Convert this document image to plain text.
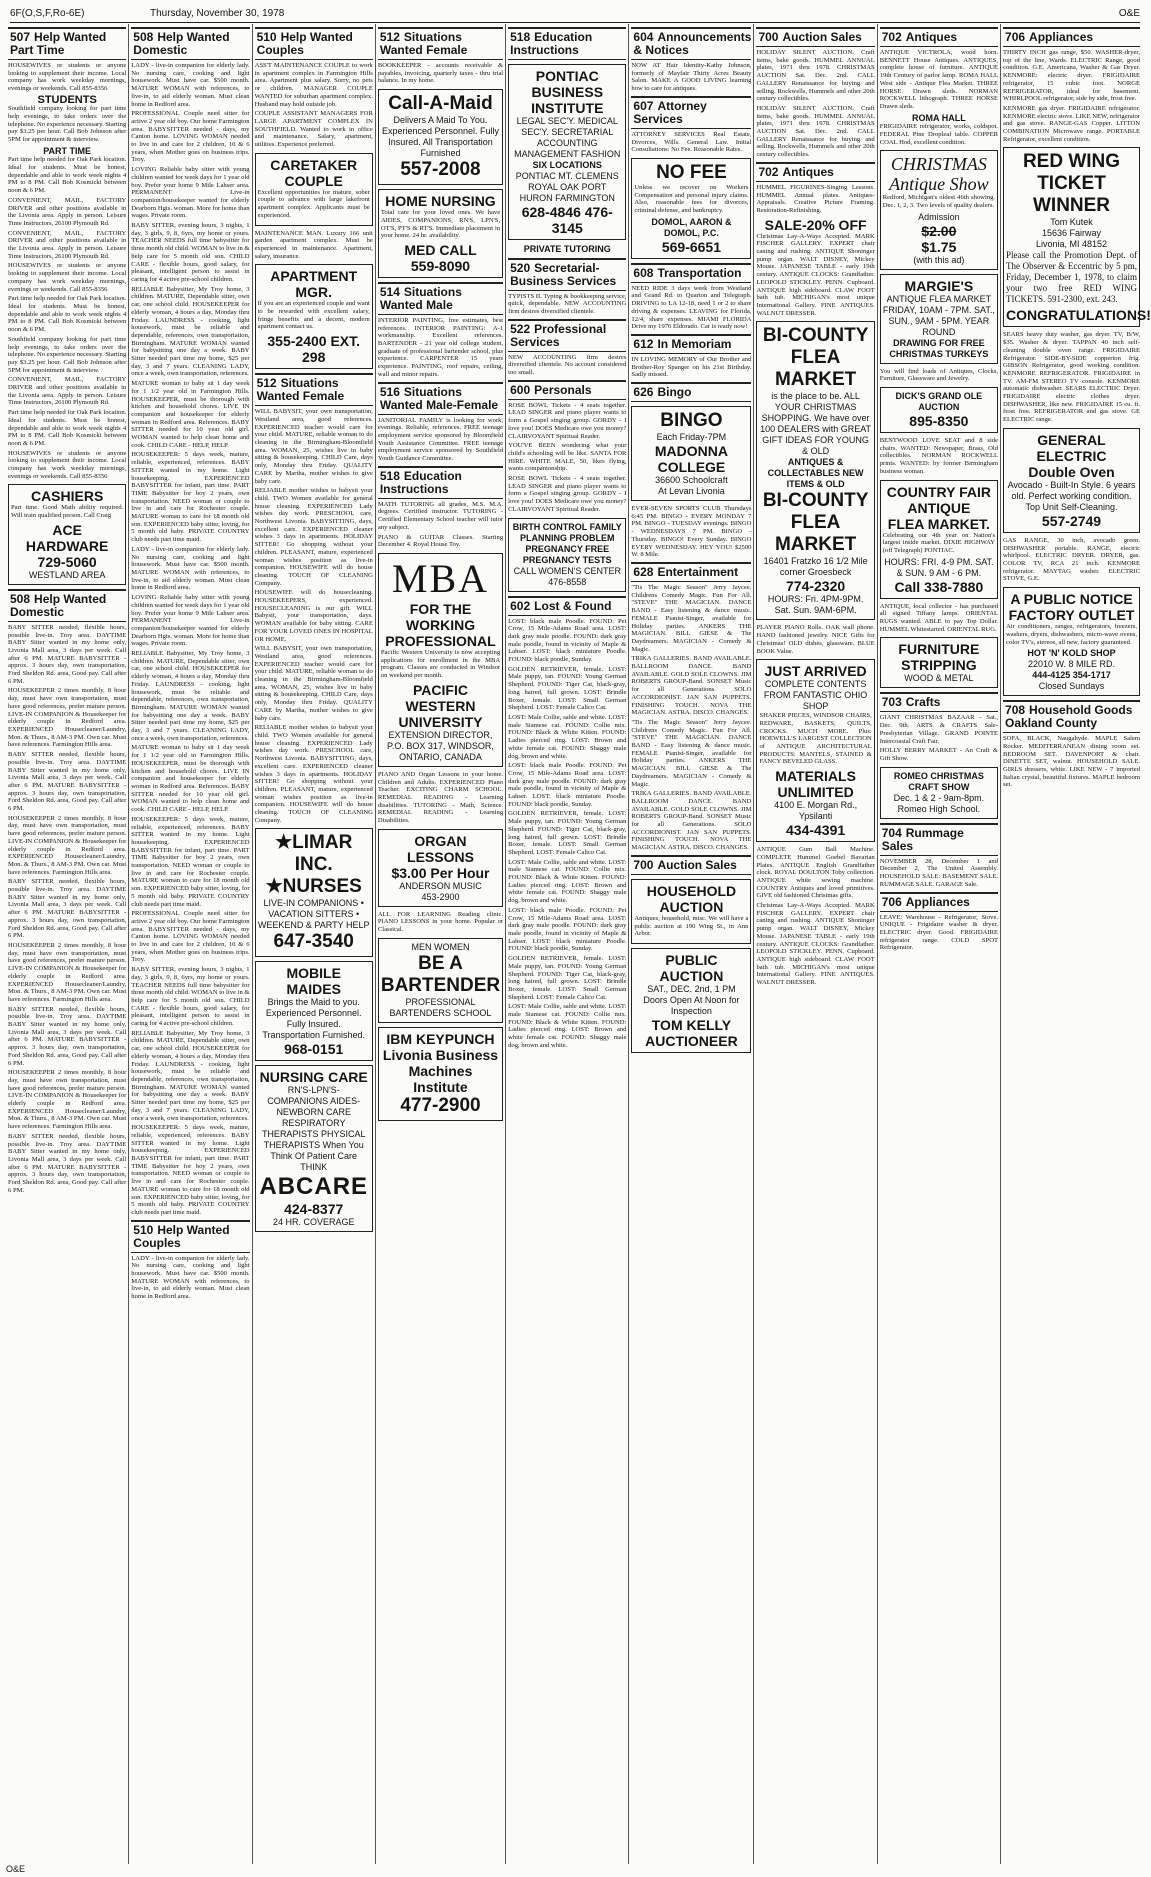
6F(O,S,F,Ro-6E)	Thursday, November 30, 1978	O&E
507 Help Wanted Part Time

HOUSEWIVES or students or anyone looking to supplement their income. Local company has work weekday mornings, evenings or weekends. Call 855-8356

STUDENTS

Southfield company looking for part time help evenings, to take orders over the telephone. No experience necessary. Starting pay $3.25 per hour. Call Bob Johnson after 5PM for appointment & interview.

PART TIME

Part time help needed for Oak Park location. Ideal for students. Must be honest, dependable and able to work week nights 4 PM to 8 PM. Call Bob Kosmicki between noon & 6 PM.

CONVENIENT, MAIL, FACTORY DRIVER and other positions available in the Livonia area. Apply in person. Leisure Time Instructors, 26100 Plymouth Rd.

CONVENIENT, MAIL, FACTORY DRIVER and other positions available in the Livonia area. Apply in person. Leisure Time Instructors, 26100 Plymouth Rd.

HOUSEWIVES or students or anyone looking to supplement their income. Local company has work weekday mornings, evenings or weekends. Call 855-8356

Part time help needed for Oak Park location. Ideal for students. Must be honest, dependable and able to work week nights 4 PM to 8 PM. Call Bob Kosmicki between noon & 6 PM.

Southfield company looking for part time help evenings, to take orders over the telephone. No experience necessary. Starting pay $3.25 per hour. Call Bob Johnson after 5PM for appointment & interview.

CONVENIENT, MAIL, FACTORY DRIVER and other positions available in the Livonia area. Apply in person. Leisure Time Instructors, 26100 Plymouth Rd.

Part time help needed for Oak Park location. Ideal for students. Must be honest, dependable and able to work week nights 4 PM to 8 PM. Call Bob Kosmicki between noon & 6 PM.

HOUSEWIVES or students or anyone looking to supplement their income. Local company has work weekday mornings, evenings or weekends. Call 855-8356

CASHIERS

Part time. Good Math ability required. Will train qualified person. Call Craig

ACE HARDWARE
729-5060
WESTLAND AREA
508 Help Wanted Domestic

BABY SITTER needed, flexible hours, possible live-in. Troy area. DAYTIME BABY Sitter wanted in my home only, Livonia Mall area, 3 days per week. Call after 6 PM. MATURE BABYSITTER - approx. 3 hours day, own transportation, Ford Sheldon Rd. area, Good pay. Call after 6 PM.

HOUSEKEEPER 2 times monthly, 8 hour day, must have own transportation, must have good references, prefer mature person. LIVE-IN COMPANION & Housekeeper for elderly couple in Redford area. EXPERIENCED Housecleaner/Laundry, Mon. & Thurs., 8 AM-3 PM. Own car. Must have references. Farmington Hills area.

BABY SITTER needed, flexible hours, possible live-in. Troy area. DAYTIME BABY Sitter wanted in my home only, Livonia Mall area, 3 days per week. Call after 6 PM. MATURE BABYSITTER - approx. 3 hours day, own transportation, Ford Sheldon Rd. area, Good pay. Call after 6 PM.

HOUSEKEEPER 2 times monthly, 8 hour day, must have own transportation, must have good references, prefer mature person. LIVE-IN COMPANION & Housekeeper for elderly couple in Redford area. EXPERIENCED Housecleaner/Laundry, Mon. & Thurs., 8 AM-3 PM. Own car. Must have references. Farmington Hills area.

BABY SITTER needed, flexible hours, possible live-in. Troy area. DAYTIME BABY Sitter wanted in my home only, Livonia Mall area, 3 days per week. Call after 6 PM. MATURE BABYSITTER - approx. 3 hours day, own transportation, Ford Sheldon Rd. area, Good pay. Call after 6 PM.

HOUSEKEEPER 2 times monthly, 8 hour day, must have own transportation, must have good references, prefer mature person. LIVE-IN COMPANION & Housekeeper for elderly couple in Redford area. EXPERIENCED Housecleaner/Laundry, Mon. & Thurs., 8 AM-3 PM. Own car. Must have references. Farmington Hills area.

BABY SITTER needed, flexible hours, possible live-in. Troy area. DAYTIME BABY Sitter wanted in my home only, Livonia Mall area, 3 days per week. Call after 6 PM. MATURE BABYSITTER - approx. 3 hours day, own transportation, Ford Sheldon Rd. area, Good pay. Call after 6 PM.

HOUSEKEEPER 2 times monthly, 8 hour day, must have own transportation, must have good references, prefer mature person. LIVE-IN COMPANION & Housekeeper for elderly couple in Redford area. EXPERIENCED Housecleaner/Laundry, Mon. & Thurs., 8 AM-3 PM. Own car. Must have references. Farmington Hills area.

BABY SITTER needed, flexible hours, possible live-in. Troy area. DAYTIME BABY Sitter wanted in my home only, Livonia Mall area, 3 days per week. Call after 6 PM. MATURE BABYSITTER - approx. 3 hours day, own transportation, Ford Sheldon Rd. area, Good pay. Call after 6 PM.

508 Help Wanted Domestic

LADY - live-in companion for elderly lady. No nursing care, cooking and light housework. Must have car. $500 month. MATURE WOMAN with references, to live-in, to aid elderly woman. Must clean home in Redford area.

PROFESSIONAL Couple need sitter for active 2 year old boy. Our home Farmington area. BABYSITTER needed - days, my Canton home. LOVING WOMAN needed to live in and care for 2 children, 10 & 6 years, when Mother goes on business trips. Troy.

LOVING Reliable baby sitter with young children wanted for week days for 1 year old boy. Prefer your home 9 Mile Lahser area. PERMANENT Live-in companion/housekeeper wanted for elderly Dearborn Hgts. woman. More for home than wages. Private room.

BABY SITTER, evening hours, 3 nights, 1 day, 3 girls, 9, 8, 6yrs, my home or yours. TEACHER NEEDS full time babysitter for three month old child. WOMAN to live in & help care for 5 month old son. CHILD CARE - flexible hours, good salary, for pleasant, intelligent person to assist in caring for 4 active pre-school children.

RELIABLE Babysitter, My Troy home, 3 children. MATURE, Dependable sitter, own car, one school child. HOUSEKEEPER for elderly woman, 4 hours a day, Monday thru Friday. LAUNDRESS - cooking, light housework, must be reliable and dependable, references, own transportation, Birmingham. MATURE WOMAN wanted for babysitting one day a week. BABY Sitter needed part time my home, $25 per day, 3 and 7 years. CLEANING LADY, once a week, own transportation, references.

MATURE woman to baby sit 1 day week for 1 1/2 year old in Farmington Hills. HOUSEKEEPER, must be thorough with kitchen and household chores. LIVE IN companion and housekeeper for elderly woman in Redford area. References. BABY SITTER needed for 10 year old girl. WOMAN wanted to help clean home and cook. CHILD CARE - HELP, HELP.

HOUSEKEEPER: 5 days week, mature, reliable, experienced, references. BABY SITTER wanted in my home. Light housekeeping. EXPERIENCED BABYSITTER for infant, part time. PART TIME Babysitter for boy 2 years, own transportation. NEED woman or couple to live in and care for Rochester couple. MATURE woman to care for 18 month old son. EXPERIENCED baby sitter, loving, for 5 month old baby. PRIVATE COUNTRY club needs part time maid.

LADY - live-in companion for elderly lady. No nursing care, cooking and light housework. Must have car. $500 month. MATURE WOMAN with references, to live-in, to aid elderly woman. Must clean home in Redford area.

LOVING Reliable baby sitter with young children wanted for week days for 1 year old boy. Prefer your home 9 Mile Lahser area. PERMANENT Live-in companion/housekeeper wanted for elderly Dearborn Hgts. woman. More for home than wages. Private room.

RELIABLE Babysitter, My Troy home, 3 children. MATURE, Dependable sitter, own car, one school child. HOUSEKEEPER for elderly woman, 4 hours a day, Monday thru Friday. LAUNDRESS - cooking, light housework, must be reliable and dependable, references, own transportation, Birmingham. MATURE WOMAN wanted for babysitting one day a week. BABY Sitter needed part time my home, $25 per day, 3 and 7 years. CLEANING LADY, once a week, own transportation, references.

MATURE woman to baby sit 1 day week for 1 1/2 year old in Farmington Hills. HOUSEKEEPER, must be thorough with kitchen and household chores. LIVE IN companion and housekeeper for elderly woman in Redford area. References. BABY SITTER needed for 10 year old girl. WOMAN wanted to help clean home and cook. CHILD CARE - HELP, HELP.

HOUSEKEEPER: 5 days week, mature, reliable, experienced, references. BABY SITTER wanted in my home. Light housekeeping. EXPERIENCED BABYSITTER for infant, part time. PART TIME Babysitter for boy 2 years, own transportation. NEED woman or couple to live in and care for Rochester couple. MATURE woman to care for 18 month old son. EXPERIENCED baby sitter, loving, for 5 month old baby. PRIVATE COUNTRY club needs part time maid.

PROFESSIONAL Couple need sitter for active 2 year old boy. Our home Farmington area. BABYSITTER needed - days, my Canton home. LOVING WOMAN needed to live in and care for 2 children, 10 & 6 years, when Mother goes on business trips. Troy.

BABY SITTER, evening hours, 3 nights, 1 day, 3 girls, 9, 8, 6yrs, my home or yours. TEACHER NEEDS full time babysitter for three month old child. WOMAN to live in & help care for 5 month old son. CHILD CARE - flexible hours, good salary, for pleasant, intelligent person to assist in caring for 4 active pre-school children.

RELIABLE Babysitter, My Troy home, 3 children. MATURE, Dependable sitter, own car, one school child. HOUSEKEEPER for elderly woman, 4 hours a day, Monday thru Friday. LAUNDRESS - cooking, light housework, must be reliable and dependable, references, own transportation, Birmingham. MATURE WOMAN wanted for babysitting one day a week. BABY Sitter needed part time my home, $25 per day, 3 and 7 years. CLEANING LADY, once a week, own transportation, references.

HOUSEKEEPER: 5 days week, mature, reliable, experienced, references. BABY SITTER wanted in my home. Light housekeeping. EXPERIENCED BABYSITTER for infant, part time. PART TIME Babysitter for boy 2 years, own transportation. NEED woman or couple to live in and care for Rochester couple. MATURE woman to care for 18 month old son. EXPERIENCED baby sitter, loving, for 5 month old baby. PRIVATE COUNTRY club needs part time maid.

510 Help Wanted Couples

LADY - live-in companion for elderly lady. No nursing care, cooking and light housework. Must have car. $500 month. MATURE WOMAN with references, to live-in, to aid elderly woman. Must clean home in Redford area.

510 Help Wanted Couples

ASS'T MAINTENANCE COUPLE to work in apartment complex in Farmington Hills area. Apartment plus salary. Sorry, no pets or children. MANAGER COUPLE WANTED for suburban apartment complex. Husband may hold outside job.

COUPLE ASSISTANT MANAGERS FOR LARGE APARTMENT COMPLEX IN SOUTHFIELD. Wanted to work in office and maintenance. Salary, apartment, utilities. Experience preferred.

CARETAKER COUPLE

Excellent opportunities for mature, sober couple to advance with large lakefront apartment complex. Applicants must be experienced.

MAINTENANCE MAN. Luxury 166 unit garden apartment complex. Must be experienced in maintenance. Apartment, salary, insurance.

APARTMENT MGR.

If you are an experienced couple and want to be rewarded with excellent salary, fringe benefits and a decent, modern apartment contact us.

355-2400 EXT. 298
512 Situations Wanted Female

WILL BABYSIT, your own transportation, Westland area, good references. EXPERIENCED teacher would care for your child. MATURE, reliable woman to do cleaning in the Birmingham-Bloomfield area. WOMAN, 25, wishes live in baby sitting & housekeeping. CHILD Care, days only, Monday thru Friday. QUALITY CARE by Martha, mother wishes to give baby care.

RELIABLE mother wishes to babysit your child. TWO Women available for general house cleaning. EXPERIENCED Lady wishes day work. PRESCHOOL care, Northwest Livonia. BABYSITTING, days, excellent care. EXPERIENCED cleaner wishes 3 days in apartments. HOLIDAY SITTER! Go shopping without your children. PLEASANT, mature, experienced woman wishes position as live-in companion. HOUSEWIFE will do house cleaning. TOUCH OF CLEANING Company.

HOUSEWIFE will do housecleaning. HOUSEKEEPERS, experienced. HOUSECLEANING is our gift. WILL Babysit, your transportation, days. WOMAN available for baby sitting. CARE FOR YOUR LOVED ONES IN HOSPITAL OR HOME.

WILL BABYSIT, your own transportation, Westland area, good references. EXPERIENCED teacher would care for your child. MATURE, reliable woman to do cleaning in the Birmingham-Bloomfield area. WOMAN, 25, wishes live in baby sitting & housekeeping. CHILD Care, days only, Monday thru Friday. QUALITY CARE by Martha, mother wishes to give baby care.

RELIABLE mother wishes to babysit your child. TWO Women available for general house cleaning. EXPERIENCED Lady wishes day work. PRESCHOOL care, Northwest Livonia. BABYSITTING, days, excellent care. EXPERIENCED cleaner wishes 3 days in apartments. HOLIDAY SITTER! Go shopping without your children. PLEASANT, mature, experienced woman wishes position as live-in companion. HOUSEWIFE will do house cleaning. TOUCH OF CLEANING Company.

★LIMAR INC.
★NURSES
LIVE-IN COMPANIONS • VACATION SITTERS • WEEKEND & PARTY HELP
647-3540
MOBILE MAIDES
Brings the Maid to you. Experienced Personnel. Fully Insured. Transportation Furnished.
968-0151
NURSING CARE
RN'S-LPN'S-COMPANIONS AIDES-NEWBORN CARE RESPIRATORY THERAPISTS PHYSICAL THERAPISTS When You Think Of Patient Care THINK
ABCARE
424-8377
24 HR. COVERAGE
512 Situations Wanted Female

BOOKKEEPER - accounts receivable & payables, invoicing, quarterly taxes - thru trial balance. In my home.

Call-A-Maid
Delivers A Maid To You. Experienced Personnel. Fully Insured. All Transportation Furnished
557-2008
HOME NURSING

Total care for your loved ones. We have AIDES, COMPANIONS, RN'S, LPN'S, OT'S, PT'S & RT'S. Immediate placement in your home. 24 hr. availability.

MED CALL
559-8090
514 Situations Wanted Male

INTERIOR PAINTING, free estimates, best references. INTERIOR PAINTING: A-1 workmanship. Excellent references. BARTENDER - 21 year old college student, graduate of professional bartender school, plus experience. CARPENTER 15 years experience. PAINTING, roof repairs, ceiling, wall and minor repairs.

516 Situations Wanted Male-Female

JANITORIAL FAMILY is looking for work, evenings. Reliable, references. FREE teenage employment service sponsored by Bloomfield Youth Assistance Committee. FREE teenage employment service sponsored by Southfield Youth Guidance Committee.

518 Education Instructions

MATH TUTORING all grades, M.S. M.A. degrees. Certified instructor. TUTORING - Certified Elementary School teacher will tutor any subject.

PIANO & GUITAR Classes. Starting December 4. Royal House Toy.

MBA
FOR THE WORKING PROFESSIONAL

Pacific Western University is now accepting applications for enrollment in the MBA program. Classes are conducted in Windsor on weekend per month.

PACIFIC WESTERN UNIVERSITY
EXTENSION DIRECTOR, P.O. BOX 317, WINDSOR, ONTARIO, CANADA

PIANO AND Organ Lessons in your home. Children and Adults. EXPERIENCED Piano Teacher. EXCITING CHARM SCHOOL. REMEDIAL READING - Learning disabilities. TUTORING - Math, Science. REMEDIAL READING - Learning Disabilities.

ORGAN LESSONS
$3.00 Per Hour
ANDERSON MUSIC
453-2900

ALL FOR LEARNING Reading clinic. PIANO LESSONS in your home. Popular or Classical.

MEN WOMEN
BE A BARTENDER
PROFESSIONAL BARTENDERS SCHOOL
IBM KEYPUNCH
Livonia Business Machines Institute
477-2900
518 Education Instructions
PONTIAC BUSINESS INSTITUTE
LEGAL SEC'Y. MEDICAL SEC'Y. SECRETARIAL ACCOUNTING MANAGEMENT FASHION
SIX LOCATIONS
PONTIAC MT. CLEMENS ROYAL OAK PORT HURON FARMINGTON
628-4846 476-3145
PRIVATE TUTORING
520 Secretarial-Business Services

TYPISTS II. Typing & bookkeeping service, quick, dependable. NEW ACCOUNTING firm desires diversified clientele.

522 Professional Services

NEW ACCOUNTING firm desires diversified clientele. No account considered too small.

600 Personals

ROSE BOWL Tickets - 4 seats together. LEAD SINGER and piano player wants to form a Gospel singing group. GORDY - I love you! DOES Medicare owe you money? CLAIRVOYANT Spiritual Reader.

YOU'VE BEEN wondering what your child's schooling will be like. SANTA FOR HIRE. WHITE MALE, 50, likes flying, wants companionship.

ROSE BOWL Tickets - 4 seats together. LEAD SINGER and piano player wants to form a Gospel singing group. GORDY - I love you! DOES Medicare owe you money? CLAIRVOYANT Spiritual Reader.

BIRTH CONTROL FAMILY PLANNING PROBLEM PREGNANCY FREE PREGNANCY TESTS
CALL WOMEN'S CENTER 476-8558
602 Lost & Found

LOST: black male Poodle. FOUND: Pet Crow, 15 Mile-Adams Road area. LOST: dark gray male poodle. FOUND: dark gray male poodle, found in vicinity of Maple & Lahser. LOST: black miniature Poodle. FOUND: black poodle, Sunday.

GOLDEN RETRIEVER, female. LOST: Male puppy, tan. FOUND: Young German Shepherd. FOUND: Tiger Cat, black-gray, long haired, full grown. LOST: Brindle Boxer, female. LOST: Small German Shepherd. LOST: Female Calico Cat.

LOST: Male Collie, sable and white. LOST: male Siamese cat. FOUND: Collie mix. FOUND: Black & White Kitten. FOUND: Ladies pierced ring. LOST: Brown and white female cat. FOUND: Shaggy male dog, brown and white.

LOST: black male Poodle. FOUND: Pet Crow, 15 Mile-Adams Road area. LOST: dark gray male poodle. FOUND: dark gray male poodle, found in vicinity of Maple & Lahser. LOST: black miniature Poodle. FOUND: black poodle, Sunday.

GOLDEN RETRIEVER, female. LOST: Male puppy, tan. FOUND: Young German Shepherd. FOUND: Tiger Cat, black-gray, long haired, full grown. LOST: Brindle Boxer, female. LOST: Small German Shepherd. LOST: Female Calico Cat.

LOST: Male Collie, sable and white. LOST: male Siamese cat. FOUND: Collie mix. FOUND: Black & White Kitten. FOUND: Ladies pierced ring. LOST: Brown and white female cat. FOUND: Shaggy male dog, brown and white.

LOST: black male Poodle. FOUND: Pet Crow, 15 Mile-Adams Road area. LOST: dark gray male poodle. FOUND: dark gray male poodle, found in vicinity of Maple & Lahser. LOST: black miniature Poodle. FOUND: black poodle, Sunday.

GOLDEN RETRIEVER, female. LOST: Male puppy, tan. FOUND: Young German Shepherd. FOUND: Tiger Cat, black-gray, long haired, full grown. LOST: Brindle Boxer, female. LOST: Small German Shepherd. LOST: Female Calico Cat.

LOST: Male Collie, sable and white. LOST: male Siamese cat. FOUND: Collie mix. FOUND: Black & White Kitten. FOUND: Ladies pierced ring. LOST: Brown and white female cat. FOUND: Shaggy male dog, brown and white.

604 Announcements & Notices

NOW AT Hair Identity-Kathy Johnson, formerly of Mayfair Thirty Acres Beauty Salon. MAKE A GOOD LIVING learning how to care for antiques.

607 Attorney Services

ATTORNEY SERVICES Real Estate, Divorces, Wills. General Law. Initial Consultations: No Fee. Reasonable Rates.

NO FEE

Unless we recover on Workers Compensation and personal injury claims. Also, reasonable fees for divorces, criminal defense, and bankruptcy.

DOMOL, AARON & DOMOL, P.C.
569-6651
608 Transportation

NEED RIDE 3 days week from Westland and Grand Rd. to Quarton and Telegraph. DRIVING to LA 12-18, need 1 or 2 to share driving & expenses. LEAVING for Florida, 12/4, share expenses. MIAMI FLORIDA Drive my 1976 Eldorado. Car is ready now!

612 In Memoriam

IN LOVING MEMORY of Our Brother and Brother-Roy Spanger on his 21st Birthday. Sadly missed.

626 Bingo
BINGO
Each Friday-7PM
MADONNA COLLEGE
36600 Schoolcraft
At Levan Livonia

EVER-SEVEN SPORTS CLUB Thursdays 6:45 PM. BINGO - EVERY MONDAY 7 PM. BINGO - TUESDAY evenings. BINGO - WEDNESDAYS 7 PM. BINGO - Thursday. BINGO! Every Sunday. BINGO EVERY WEDNESDAY. HEY YOU! $2500 W. 8 Mile.

628 Entertainment

"Tis The Magic Season" Jerry Jaycee. Childrens Comedy Magic. Fun For All. "STEVE" THE MAGICIAN. DANCE BAND - Easy listening & dance music. FEMALE Pianist-Singer, available for Holiday parties. ANKERS THE MAGICIAN. BILL GIESE & The Daydreamers. MAGICIAN - Comedy & Magic.

TRIKA GALLERIES. BAND AVAILABLE. BALLROOM DANCE. BAND AVAILABLE. GOLD SOLE CLOWNS. JIM ROBERTS GROUP-Band. SONSET Music for all Generations. SOLO ACCORDIONIST. JAN SAN PUPPETS. FINISHING TOUCH. NOVA THE MAGICIAN. ASTRA. DISCO. CHANGES.

"Tis The Magic Season" Jerry Jaycee. Childrens Comedy Magic. Fun For All. "STEVE" THE MAGICIAN. DANCE BAND - Easy listening & dance music. FEMALE Pianist-Singer, available for Holiday parties. ANKERS THE MAGICIAN. BILL GIESE & The Daydreamers. MAGICIAN - Comedy & Magic.

TRIKA GALLERIES. BAND AVAILABLE. BALLROOM DANCE. BAND AVAILABLE. GOLD SOLE CLOWNS. JIM ROBERTS GROUP-Band. SONSET Music for all Generations. SOLO ACCORDIONIST. JAN SAN PUPPETS. FINISHING TOUCH. NOVA THE MAGICIAN. ASTRA. DISCO. CHANGES.

700 Auction Sales
HOUSEHOLD AUCTION

Antiques, household, misc. We will have a public auction at 190 Wing St., in Ann Arbor.

PUBLIC AUCTION
SAT., DEC. 2nd, 1 PM
Doors Open At Noon for Inspection
TOM KELLY AUCTIONEER
700 Auction Sales

HOLIDAY SILENT AUCTION. Craft items, bake goods. HUMMEL ANNUAL plates, 1971 thru 1978. CHRISTMAS AUCTION Sat. Dec. 2nd. CALL GALLERY Renaissance for buying and selling. Rockwells, Hummels and other 20th century collectibles.

HOLIDAY SILENT AUCTION. Craft items, bake goods. HUMMEL ANNUAL plates, 1971 thru 1978. CHRISTMAS AUCTION Sat. Dec. 2nd. CALL GALLERY Renaissance for buying and selling. Rockwells, Hummels and other 20th century collectibles.

702 Antiques

HUMMEL FIGURINES-Singing Lessons. HUMMEL Annual plates. Antiques-Appraisals. Creative Picture Framing. Restoration-Refinishing.

SALE-20% OFF

Christmas Lay-A-Ways Accepted. MARK FISCHER GALLERY. EXPERT chair caning and rushing. ANTIQUE Shoninger pump organ. WALT DISNEY, Mickey Mouse. JAPANESE TABLE - early 19th century. ANTIQUE CLOCKS: Grandfather. LEOPOLD STICKLEY. PENN. Cupboard. ANTIQUE high sideboard. CLAW FOOT bath tub. MICHIGAN's most unique International Gallery. FINE ANTIQUES. WALNUT DRESSER.

BI-COUNTY FLEA MARKET
is the place to be. ALL YOUR CHRISTMAS SHOPPING. We have over 100 DEALERS with GREAT GIFT IDEAS FOR YOUNG & OLD
ANTIQUES & COLLECTABLES NEW ITEMS & OLD
BI-COUNTY FLEA MARKET
16401 Fratzko 16 1/2 Mile corner Groesbeck
774-2320
HOURS: Fri. 4PM-9PM. Sat. Sun. 9AM-6PM.

PLAYER PIANO Rolls. OAK wall phone. HAND fashioned jewelry. NICE Gifts for Christmas! OLD dishes, glassware. BLUE BOOK Value.

JUST ARRIVED
COMPLETE CONTENTS FROM FANTASTIC OHIO SHOP

SHAKER PIECES, WINDSOR CHAIRS, REDWARE, BASKETS, QUILTS, CROCKS. MUCH MORE. Plus: HOEWELL'S LARGEST COLLECTION of ANTIQUE ARCHITECTURAL PRODUCTS: MANTELS, STAINED & FANCY BEVELED GLASS.

MATERIALS UNLIMITED
4100 E. Morgan Rd., Ypsilanti
434-4391

ANTIQUE Gum Ball Machine. COMPLETE Hummel Goebel Bavarian Plates. ANTIQUE English Grandfather clock. ROYAL DOULTON Toby collection. ANTIQUE white sewing machine. COUNTRY Antiques and loved primitives. GIVE old fashioned Christmas gifts.

Christmas Lay-A-Ways Accepted. MARK FISCHER GALLERY. EXPERT chair caning and rushing. ANTIQUE Shoninger pump organ. WALT DISNEY, Mickey Mouse. JAPANESE TABLE - early 19th century. ANTIQUE CLOCKS: Grandfather. LEOPOLD STICKLEY. PENN. Cupboard. ANTIQUE high sideboard. CLAW FOOT bath tub. MICHIGAN's most unique International Gallery. FINE ANTIQUES. WALNUT DRESSER.

702 Antiques

ANTIQUE VICTROLA, wood horn. BENNETT House Antiques. ANTIQUES, complete house of furniture. ANTIQUE 19th Century of parlor lamp. ROMA HALL West side - Antique Flea Market. THREE HORSE Drawn sleds. NORMAN ROCKWELL lithograph. THREE HORSE Drawn sleds.

ROMA HALL

FRIGIDAIRE refrigerator, works, coldspot. FEDERAL Pine Dropleaf table. COPPER COAL Hod, excellent condition.

CHRISTMAS
Antique Show

Redford, Michigan's oldest 46th showing. Dec. 1, 2, 3. Two levels of quality dealers.

Admission
$2.00
$1.75
(with this ad)
MARGIE'S
ANTIQUE FLEA MARKET
FRIDAY, 10AM - 7PM. SAT., SUN., 9AM - 5PM. YEAR ROUND
DRAWING FOR FREE CHRISTMAS TURKEYS

You will find loads of Antiques, Clocks, Furniture, Glassware and Jewelry.

DICK'S GRAND OLE AUCTION
895-8350

BENTWOOD LOVE SEAT and 8 side chairs. WANTED: Newspaper, Brass, Old collectibles. NORMAN ROCKWELL prints. WANTED: by former Birmingham business woman.

COUNTRY FAIR
ANTIQUE
FLEA MARKET.

Celebrating our 4th year on Nation's largest inside market. DIXIE HIGHWAY (off Telegraph) PONTIAC.

HOURS: FRI. 4-9 PM. SAT. & SUN. 9 AM - 6 PM.
Call 338-7880

ANTIQUE, local collector - has purchased all signed Tiffany lamps. ORIENTAL RUGS wanted. ABLE to pay Top Dollar. HUMMEL Whitestarted. ORIENTAL RUG.

FURNITURE STRIPPING
WOOD & METAL
703 Crafts

GIANT CHRISTMAS BAZAAR - Sat., Dec. 9th. ARTS & CRAFTS Sale-Presbyterian Village. GRAND POINTE Intercoastal Craft Fair.

HOLLY BERRY MARKET - An Craft & Gift Show.

ROMEO CHRISTMAS CRAFT SHOW
Dec. 1 & 2 - 9am-8pm. Romeo High School.
704 Rummage Sales

NOVEMBER 28, December 1 and December 2, The United Assembly. HOUSEHOLD SALE: BASEMENT SALE. RUMMAGE SALE. GARAGE Sale.

706 Appliances

LEAVE: Warehouse - Refrigerator, Stove. UNIQUE - Frigidaire washer & dryer. ELECTRIC dryer. Good. FRIGIDAIRE refrigerator range. COLD SPOT Refrigerator.

706 Appliances

THIRTY INCH gas range, $50. WASHER-dryer, top of the line, Wards. ELECTRIC Range, good condition. G.E. Americana, Washer & Gas Dryer. KENMORE: electric dryer. FRIGIDAIRE refrigerator, 15 cubic foot. NORGE REFRIGERATOR, ideal for basement. WHIRLPOOL refrigerator, side by side, frost free.

KENMORE gas dryer. FRIGIDAIRE refrigerator. KENMORE electric stove. LIKE NEW, refrigerator and gas stove. RANGE-GAS Copper. LITTON COMBINATION Microwave range. PORTABLE Refrigerator, excellent condition.

RED WING
TICKET
WINNER
Tom Kutek
15636 Fairway
Livonia, MI 48152

Please call the Promotion Dept. of The Observer & Eccentric by 5 pm, Friday, December 1, 1978, to claim your two free RED WING TICKETS. 591-2300, ext. 243.

CONGRATULATIONS!

SEARS heavy duty washer, gas dryer. TV, B/W, $35. Washer & dryer. TAPPAN 40 inch self-cleaning double oven range. FRIGIDAIRE Refrigerator. SIDE-BY-SIDE copperton frig. GIBSON Refrigerator, good working condition. KENMORE REFRIGERATOR. FRIGIDAIRE in TV. AM-FM STEREO TV console. KENMORE automatic dishwasher. SEARS ELECTRIC Dryer. FRIGIDAIRE electric clothes dryer. DISHWASHER, like new. FRIGIDAIRE 15 cu. ft. frost free. REFRIGERATOR and gas stove. GE ELECTRIC range.

GENERAL ELECTRIC
Double Oven
Avocado - Built-In Style. 6 years old. Perfect working condition. Top Unit Self-Cleaning.
557-2749

GAS RANGE, 30 inch, avocado green. DISHWASHER portable. RANGE, electric whirlpool. ELECTRIC DRYER. DRYER, gas. COLOR TV, RCA 21 inch. KENMORE refrigerator. MAYTAG washer. ELECTRIC STOVE, G.E.

A PUBLIC NOTICE
FACTORY OUTLET

Air conditioners, ranges, refrigerators, freezers, washers, dryers, dishwashers, micro-wave ovens, color TV's, stereos, all new, factory guaranteed.

HOT 'N' KOLD SHOP
22010 W. 8 MILE RD.
444-4125 354-1717
Closed Sundays
708 Household Goods Oakland County

SOFA, BLACK, Naugahyde. MAPLE Salem Rocker. MEDITERRANEAN dining room set. BEDROOM SET. DAVENPORT & chair. DINETTE SET, walnut. HOUSEHOLD SALE. GIRLS dressers, white. LIKE NEW - 7 imported Italian crystal, beautiful fixtures. MAPLE bedroom set.

O&E
